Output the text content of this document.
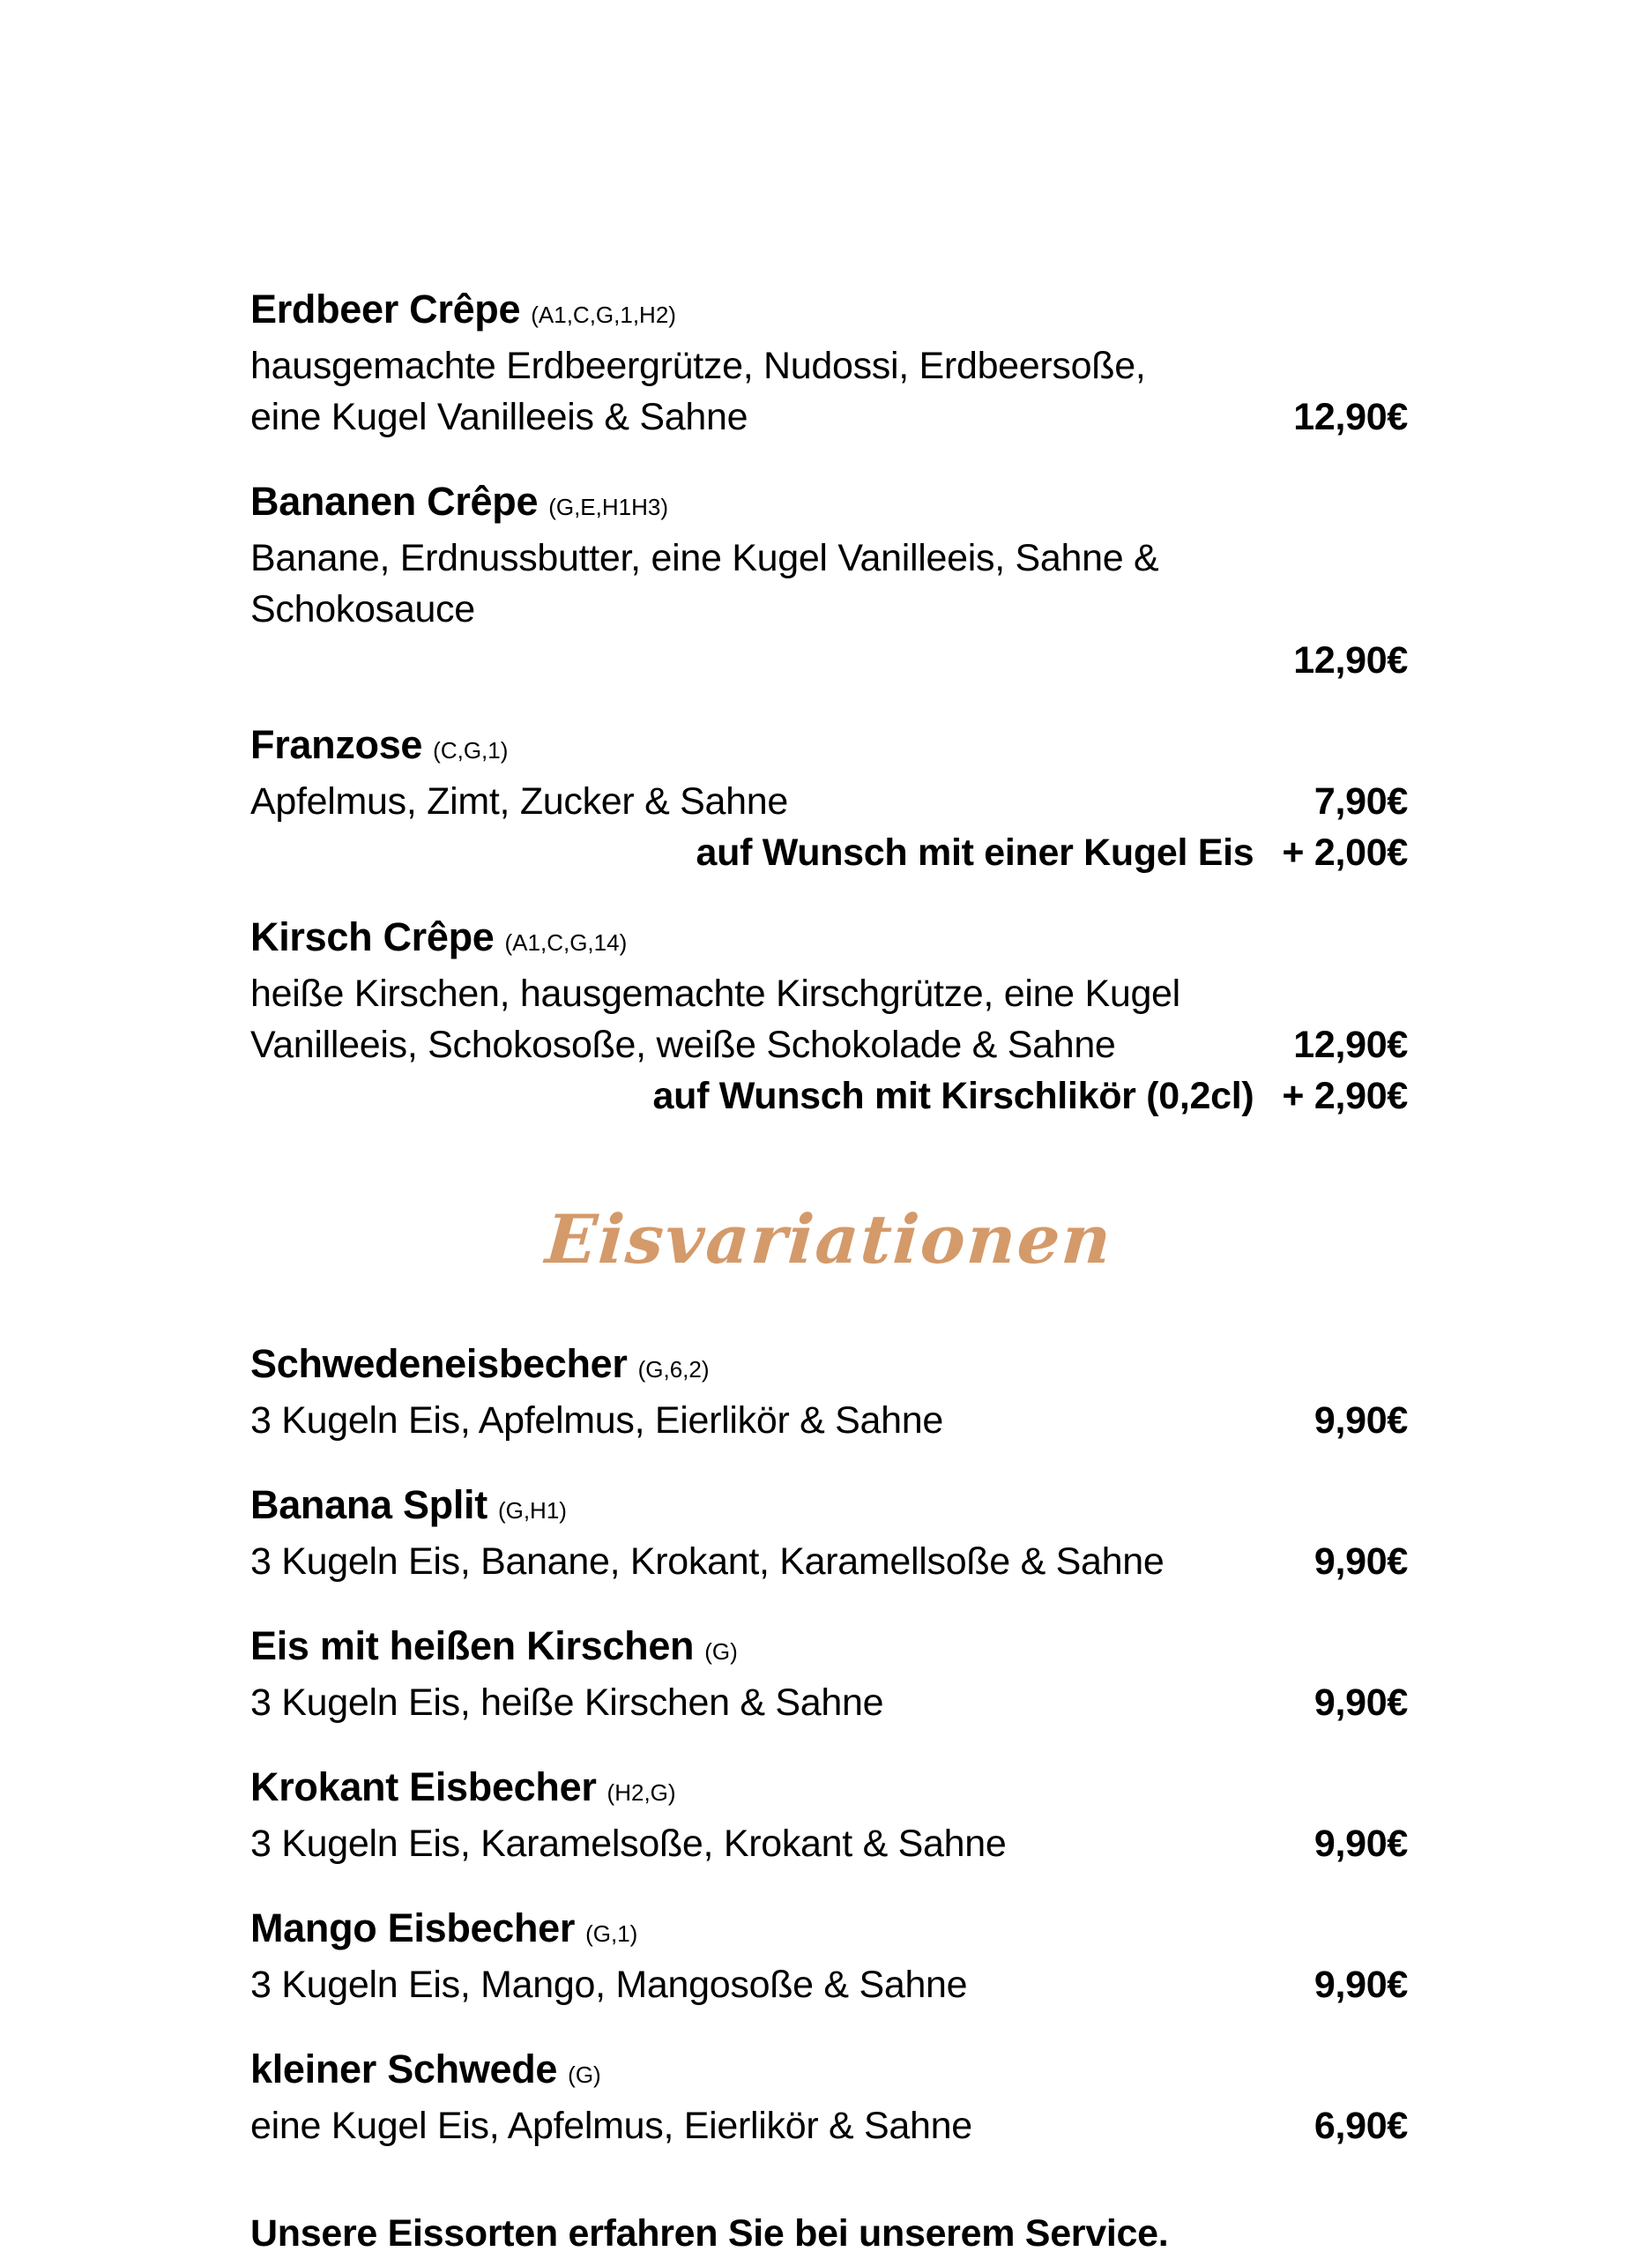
Erdbeer Crêpe (A1,C,G,1,H2)
hausgemachte Erdbeergrütze, Nudossi, Erdbeersoße,
eine Kugel Vanilleeis & Sahne	12,90€
Bananen Crêpe (G,E,H1H3)
Banane, Erdnussbutter, eine Kugel Vanilleeis, Sahne & Schokosauce
12,90€
Franzose (C,G,1)
Apfelmus, Zimt, Zucker & Sahne	7,90€
auf Wunsch mit einer Kugel Eis + 2,00€
Kirsch Crêpe (A1,C,G,14)
heiße Kirschen, hausgemachte Kirschgrütze, eine Kugel
Vanilleeis, Schokosoße, weiße Schokolade & Sahne	12,90€
auf Wunsch mit Kirschlikör (0,2cl) + 2,90€
Eisvariationen
Schwedeneisbecher (G,6,2)
3 Kugeln Eis, Apfelmus, Eierlikör & Sahne	9,90€
Banana Split (G,H1)
3 Kugeln Eis, Banane, Krokant, Karamellsoße & Sahne	9,90€
Eis mit heißen Kirschen (G)
3 Kugeln Eis, heiße Kirschen & Sahne	9,90€
Krokant Eisbecher (H2,G)
3 Kugeln Eis, Karamelsoße, Krokant & Sahne	9,90€
Mango Eisbecher (G,1)
3 Kugeln Eis, Mango, Mangosoße & Sahne	9,90€
kleiner Schwede (G)
eine Kugel Eis, Apfelmus, Eierlikör & Sahne	6,90€
Unsere Eissorten erfahren Sie bei unserem Service.
